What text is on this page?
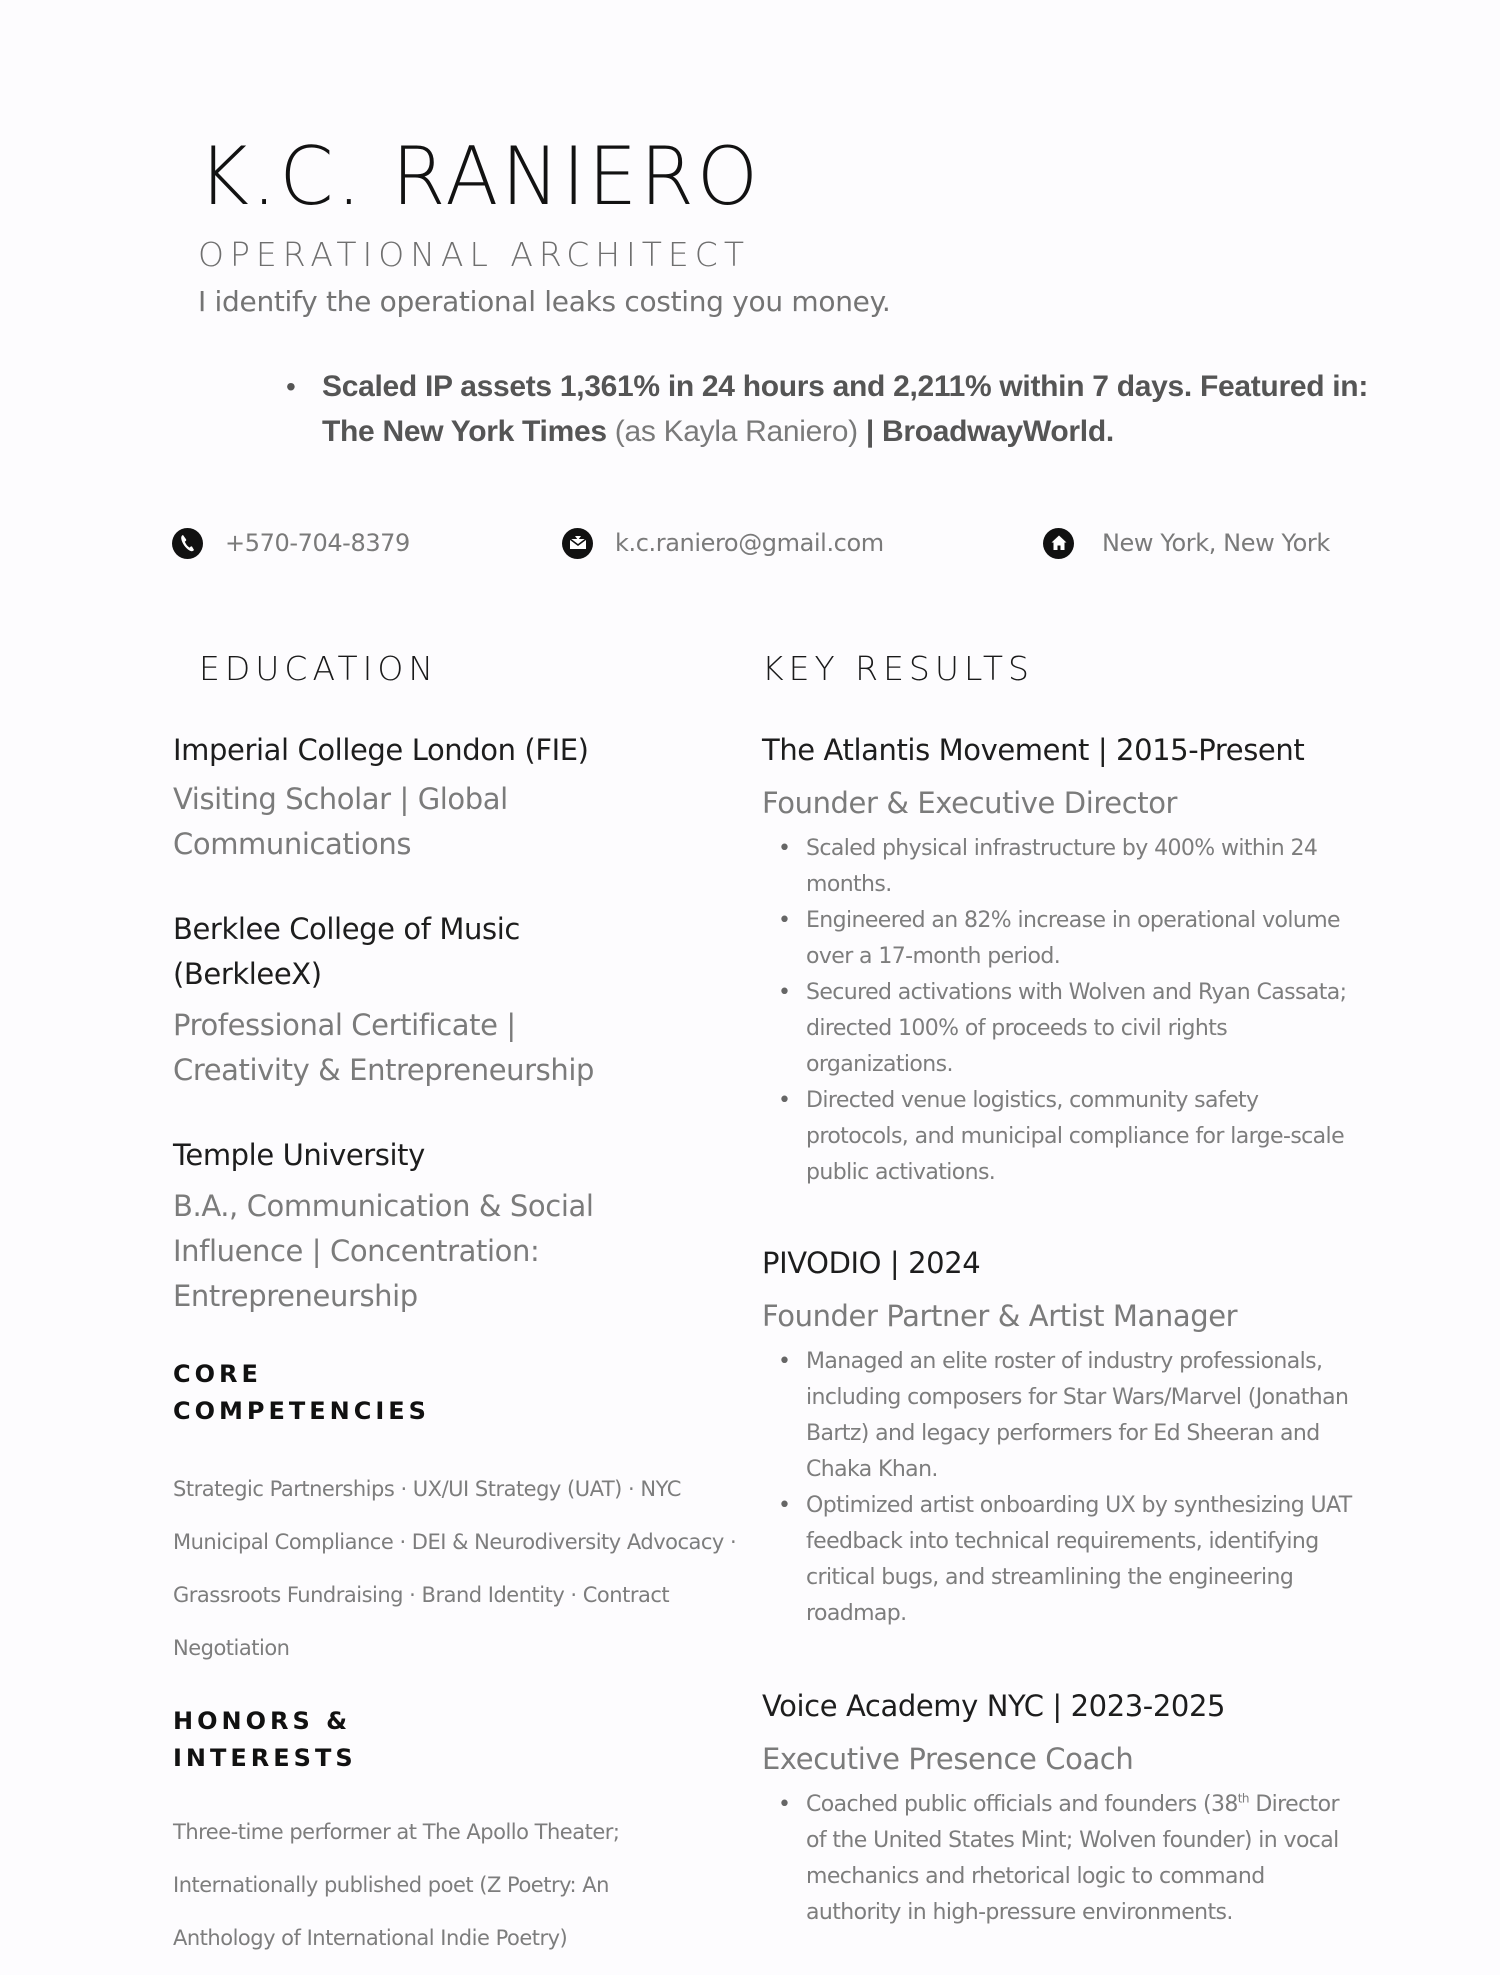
K.C. RANIERO
OPERATIONAL ARCHITECT
I identify the operational leaks costing you money.
• Scaled IP assets 1,361% in 24 hours and 2,211% within 7 days. Featured in: The New York Times (as Kayla Raniero) | BroadwayWorld.
+570-704-8379	k.c.raniero@gmail.com	New York, New York
EDUCATION	KEY RESULTS
Imperial College London (FIE)
Visiting Scholar | Global Communications
Berklee College of Music (BerkleeX)
Professional Certificate | Creativity & Entrepreneurship
Temple University
B.A., Communication & Social Influence | Concentration: Entrepreneurship
CORE
COMPETENCIES
Strategic Partnerships · UX/UI Strategy (UAT) · NYC Municipal Compliance · DEI & Neurodiversity Advocacy · Grassroots Fundraising · Brand Identity · Contract Negotiation
HONORS &
INTERESTS
Three-time performer at The Apollo Theater; Internationally published poet (Z Poetry: An Anthology of International Indie Poetry)
The Atlantis Movement | 2015-Present
Founder & Executive Director
• Scaled physical infrastructure by 400% within 24 months.
• Engineered an 82% increase in operational volume over a 17-month period.
• Secured activations with Wolven and Ryan Cassata; directed 100% of proceeds to civil rights organizations.
• Directed venue logistics, community safety protocols, and municipal compliance for large-scale public activations.
PIVODIO | 2024
Founder Partner & Artist Manager
• Managed an elite roster of industry professionals, including composers for Star Wars/Marvel (Jonathan Bartz) and legacy performers for Ed Sheeran and Chaka Khan.
• Optimized artist onboarding UX by synthesizing UAT feedback into technical requirements, identifying critical bugs, and streamlining the engineering roadmap.
Voice Academy NYC | 2023-2025
Executive Presence Coach
• Coached public officials and founders (38th Director of the United States Mint; Wolven founder) in vocal mechanics and rhetorical logic to command authority in high-pressure environments.
